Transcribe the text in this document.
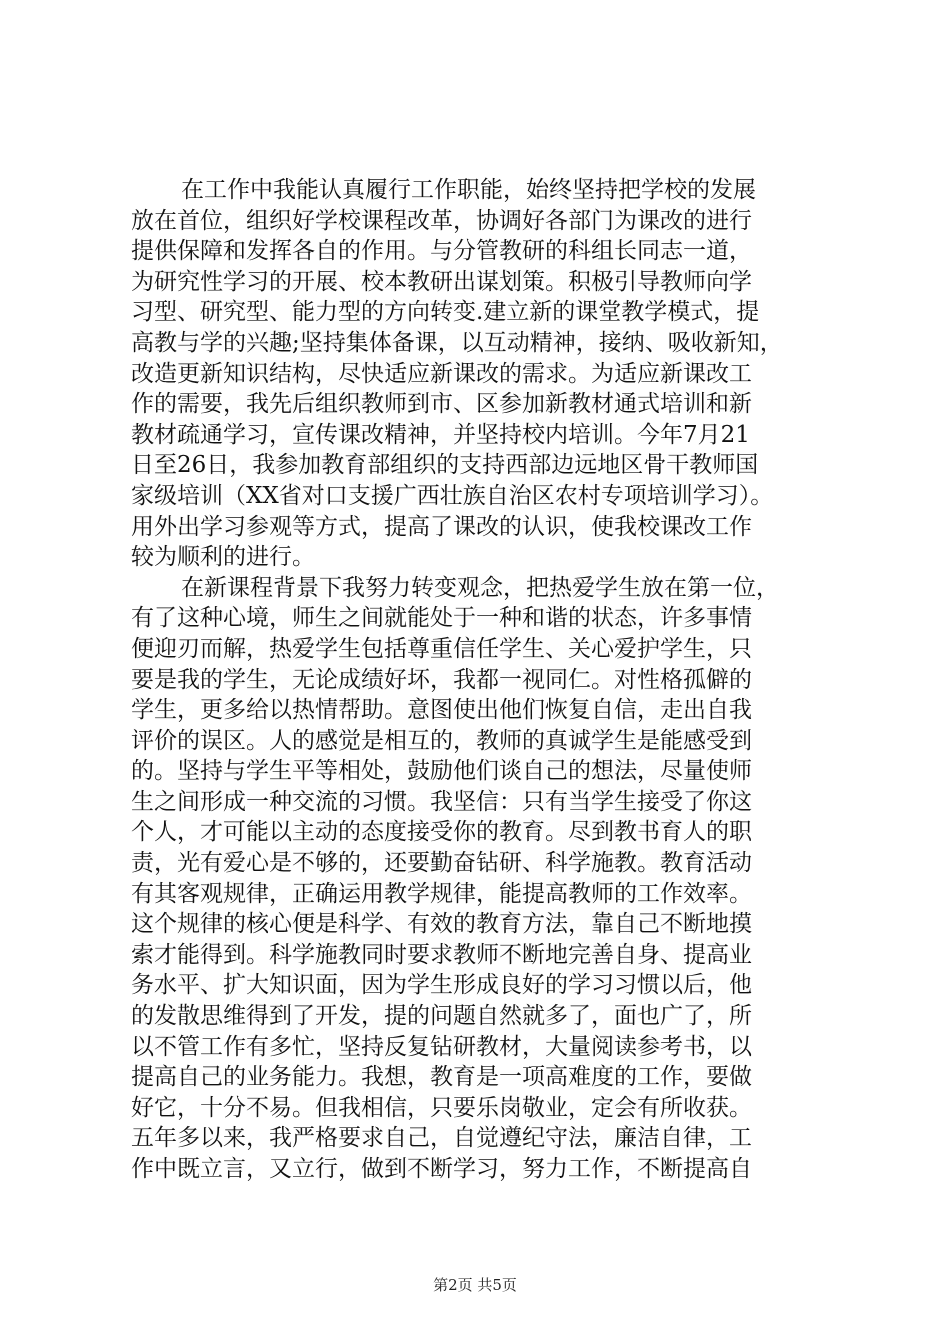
在工作中我能认真履行工作职能，始终坚持把学校的发展
放在首位，组织好学校课程改革，协调好各部门为课改的进行
提供保障和发挥各自的作用。与分管教研的科组长同志一道，
为研究性学习的开展、校本教研出谋划策。积极引导教师向学
习型、研究型、能力型的方向转变.建立新的课堂教学模式，提
高教与学的兴趣;坚持集体备课，以互动精神，接纳、吸收新知，
改造更新知识结构，尽快适应新课改的需求。为适应新课改工
作的需要，我先后组织教师到市、区参加新教材通式培训和新
教材疏通学习，宣传课改精神，并坚持校内培训。今年7月21
日至26日，我参加教育部组织的支持西部边远地区骨干教师国
家级培训（XX省对口支援广西壮族自治区农村专项培训学习）。
用外出学习参观等方式，提高了课改的认识，使我校课改工作
较为顺利的进行。
在新课程背景下我努力转变观念，把热爱学生放在第一位，
有了这种心境，师生之间就能处于一种和谐的状态，许多事情
便迎刃而解，热爱学生包括尊重信任学生、关心爱护学生，只
要是我的学生，无论成绩好坏，我都一视同仁。对性格孤僻的
学生，更多给以热情帮助。意图使出他们恢复自信，走出自我
评价的误区。人的感觉是相互的，教师的真诚学生是能感受到
的。坚持与学生平等相处，鼓励他们谈自己的想法，尽量使师
生之间形成一种交流的习惯。我坚信：只有当学生接受了你这
个人，才可能以主动的态度接受你的教育。尽到教书育人的职
责，光有爱心是不够的，还要勤奋钻研、科学施教。教育活动
有其客观规律，正确运用教学规律，能提高教师的工作效率。
这个规律的核心便是科学、有效的教育方法，靠自己不断地摸
索才能得到。科学施教同时要求教师不断地完善自身、提高业
务水平、扩大知识面，因为学生形成良好的学习习惯以后，他
的发散思维得到了开发，提的问题自然就多了，面也广了，所
以不管工作有多忙，坚持反复钻研教材，大量阅读参考书，以
提高自己的业务能力。我想，教育是一项高难度的工作，要做
好它，十分不易。但我相信，只要乐岗敬业，定会有所收获。
五年多以来，我严格要求自己，自觉遵纪守法，廉洁自律，工
作中既立言，又立行，做到不断学习，努力工作，不断提高自
第2页 共5页
